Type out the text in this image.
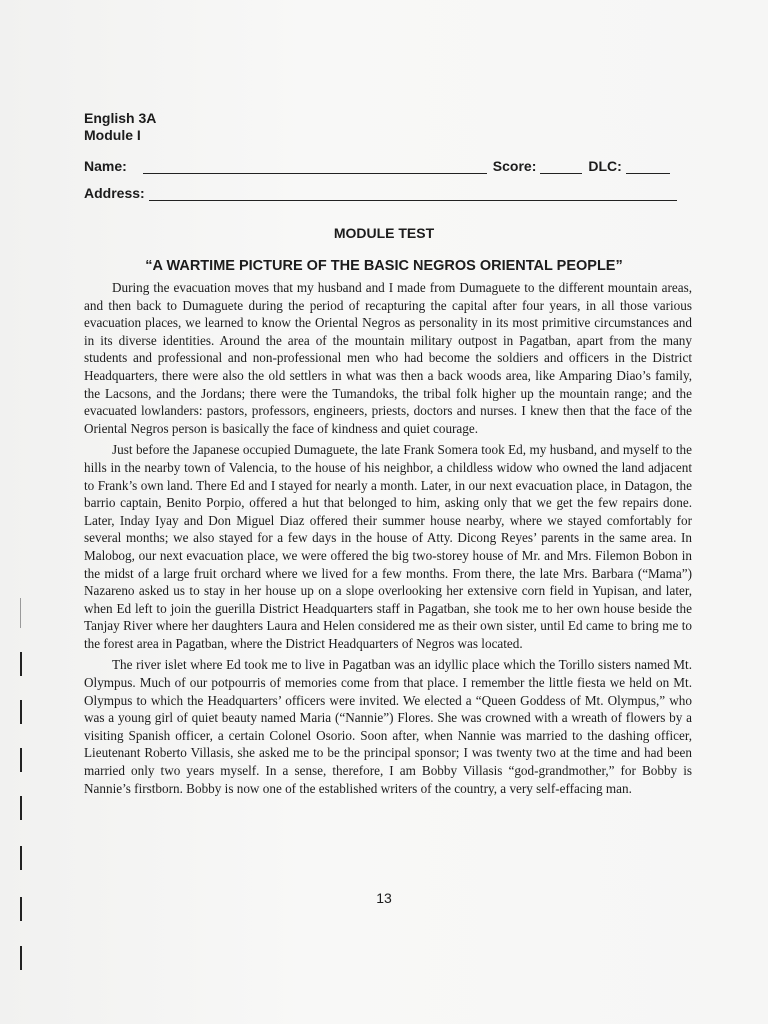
English 3A
Module I
Name:	Score:	DLC:
Address:
MODULE TEST
“A WARTIME PICTURE OF THE BASIC NEGROS ORIENTAL PEOPLE”

During the evacuation moves that my husband and I made from Dumaguete to the different mountain areas, and then back to Dumaguete during the period of recapturing the capital after four years, in all those various evacuation places, we learned to know the Oriental Negros as personality in its most primitive circumstances and in its diverse identities. Around the area of the mountain military outpost in Pagatban, apart from the many students and professional and non-professional men who had become the soldiers and officers in the District Headquarters, there were also the old settlers in what was then a back woods area, like Amparing Diao’s family, the Lacsons, and the Jordans; there were the Tumandoks, the tribal folk higher up the mountain range; and the evacuated lowlanders: pastors, professors, engineers, priests, doctors and nurses. I knew then that the face of the Oriental Negros person is basically the face of kindness and quiet courage.

Just before the Japanese occupied Dumaguete, the late Frank Somera took Ed, my husband, and myself to the hills in the nearby town of Valencia, to the house of his neighbor, a childless widow who owned the land adjacent to Frank’s own land. There Ed and I stayed for nearly a month. Later, in our next evacuation place, in Datagon, the barrio captain, Benito Porpio, offered a hut that belonged to him, asking only that we get the few repairs done. Later, Inday Iyay and Don Miguel Diaz offered their summer house nearby, where we stayed comfortably for several months; we also stayed for a few days in the house of Atty. Dicong Reyes’ parents in the same area. In Malobog, our next evacuation place, we were offered the big two-storey house of Mr. and Mrs. Filemon Bobon in the midst of a large fruit orchard where we lived for a few months. From there, the late Mrs. Barbara (“Mama”) Nazareno asked us to stay in her house up on a slope overlooking her extensive corn field in Yupisan, and later, when Ed left to join the guerilla District Headquarters staff in Pagatban, she took me to her own house beside the Tanjay River where her daughters Laura and Helen considered me as their own sister, until Ed came to bring me to the forest area in Pagatban, where the District Headquarters of Negros was located.

The river islet where Ed took me to live in Pagatban was an idyllic place which the Torillo sisters named Mt. Olympus. Much of our potpourris of memories come from that place. I remember the little fiesta we held on Mt. Olympus to which the Headquarters’ officers were invited. We elected a “Queen Goddess of Mt. Olympus,” who was a young girl of quiet beauty named Maria (“Nannie”) Flores. She was crowned with a wreath of flowers by a visiting Spanish officer, a certain Colonel Osorio. Soon after, when Nannie was married to the dashing officer, Lieutenant Roberto Villasis, she asked me to be the principal sponsor; I was twenty two at the time and had been married only two years myself. In a sense, therefore, I am Bobby Villasis “god-grandmother,” for Bobby is Nannie’s firstborn. Bobby is now one of the established writers of the country, a very self-effacing man.

13
